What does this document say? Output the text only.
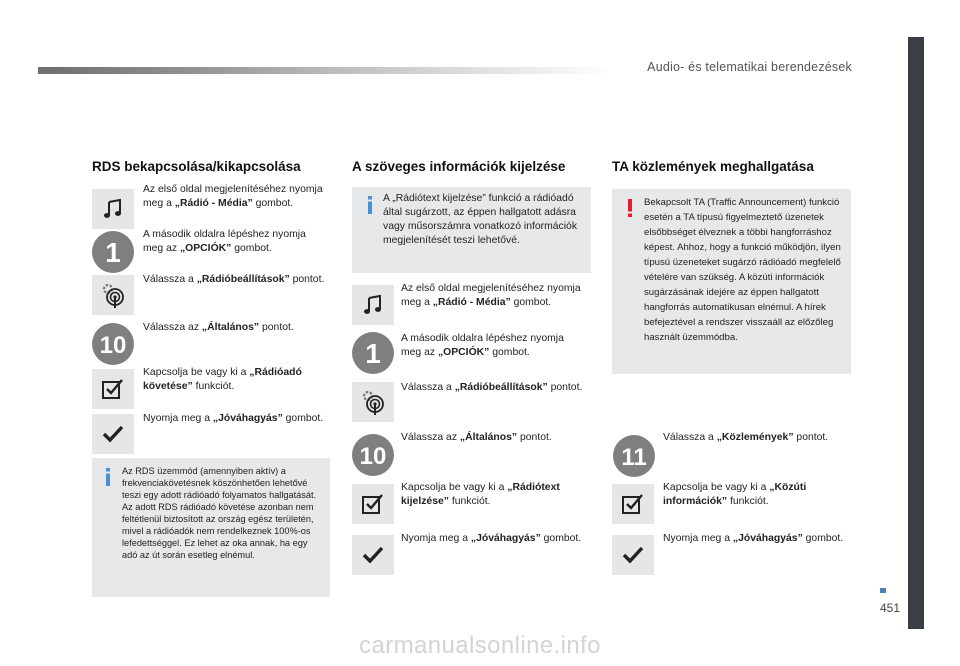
Audio- és telematikai berendezések
451
carmanualsonline.info
RDS bekapcsolása/kikapcsolása
Az első oldal megjelenítéséhez nyomja meg a „Rádió - Média” gombot.
1
A második oldalra lépéshez nyomja meg az „OPCIÓK” gombot.
Válassza a „Rádióbeállítások” pontot.
10
Válassza az „Általános” pontot.
Kapcsolja be vagy ki a „Rádióadó követése” funkciót.
Nyomja meg a „Jóváhagyás” gombot.
Az RDS üzemmód (amennyiben aktív) a frekvenciakövetésnek köszönhetően lehetővé teszi egy adott rádióadó folyamatos hallgatását. Az adott RDS rádióadó követése azonban nem feltétlenül biztosított az ország egész területén, mivel a rádióadók nem rendelkeznek 100%-os lefedettséggel. Ez lehet az oka annak, ha egy adó az út során esetleg elnémul.
A szöveges információk kijelzése
A „Rádiótext kijelzése” funkció a rádióadó által sugárzott, az éppen hallgatott adásra vagy műsorszámra vonatkozó információk megjelenítését teszi lehetővé.
Az első oldal megjelenítéséhez nyomja meg a „Rádió - Média” gombot.
1 A második oldalra lépéshez nyomja meg az „OPCIÓK” gombot.
Válassza a „Rádióbeállítások” pontot.
10
Válassza az „Általános” pontot.
Kapcsolja be vagy ki a „Rádiótext kijelzése” funkciót.
Nyomja meg a „Jóváhagyás” gombot.
TA közlemények meghallgatása
Bekapcsolt TA (Traffic Announcement) funkció esetén a TA típusú figyelmeztető üzenetek elsőbbséget élveznek a többi hangforráshoz képest. Ahhoz, hogy a funkció működjön, ilyen típusú üzeneteket sugárzó rádióadó megfelelő vételére van szükség. A közúti információk sugárzásának idejére az éppen hallgatott hangforrás automatikusan elnémul. A hírek befejeztével a rendszer visszaáll az előzőleg használt üzemmódba.
11
Válassza a „Közlemények” pontot.
Kapcsolja be vagy ki a „Közúti információk” funkciót.
Nyomja meg a „Jóváhagyás” gombot.
